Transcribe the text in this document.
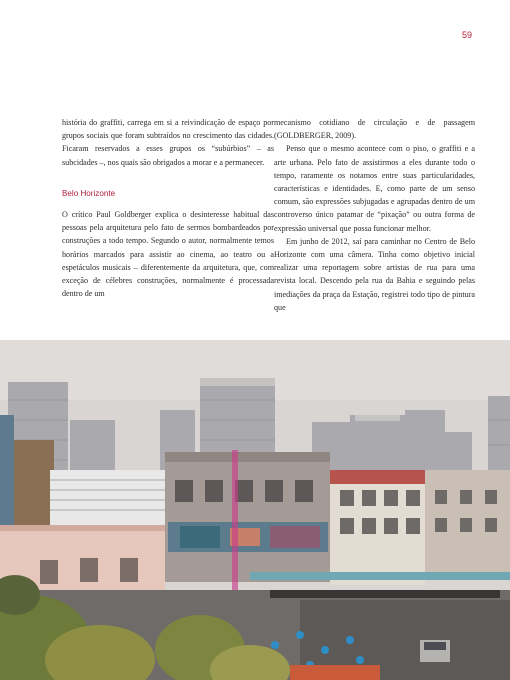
59

história do graffiti, carrega em si a reivindicação de espaço por grupos sociais que foram subtraídos no crescimento das cidades. Ficaram reservados a esses grupos os “subúrbios” – as subcidades –, nos quais são obrigados a morar e a permanecer.

Belo Horizonte

O crítico Paul Goldberger explica o desinteresse habitual das pessoas pela arquitetura pelo fato de sermos bombardeados por construções a todo tempo. Segundo o autor, normalmente temos horários marcados para assistir ao cinema, ao teatro ou a espetáculos musicais – diferentemente da arquitetura, que, com exceção de célebres construções, normalmente é processada dentro de um

mecanismo cotidiano de circulação e de passagem (GOLDBERGER, 2009).

Penso que o mesmo acontece com o piso, o graffiti e a arte urbana. Pelo fato de assistirmos a eles durante todo o tempo, raramente os notamos entre suas particularidades, características e identidades. E, como parte de um senso comum, são expressões subjugadas e agrupadas dentro de um controverso único patamar de “pixação” ou outra forma de expressão universal que possa funcionar melhor.

Em junho de 2012, saí para caminhar no Centro de Belo Horizonte com uma câmera. Tinha como objetivo inicial realizar uma reportagem sobre artistas de rua para uma revista local. Descendo pela rua da Bahia e seguindo pelas imediações da praça da Estação, registrei todo tipo de pintura que
